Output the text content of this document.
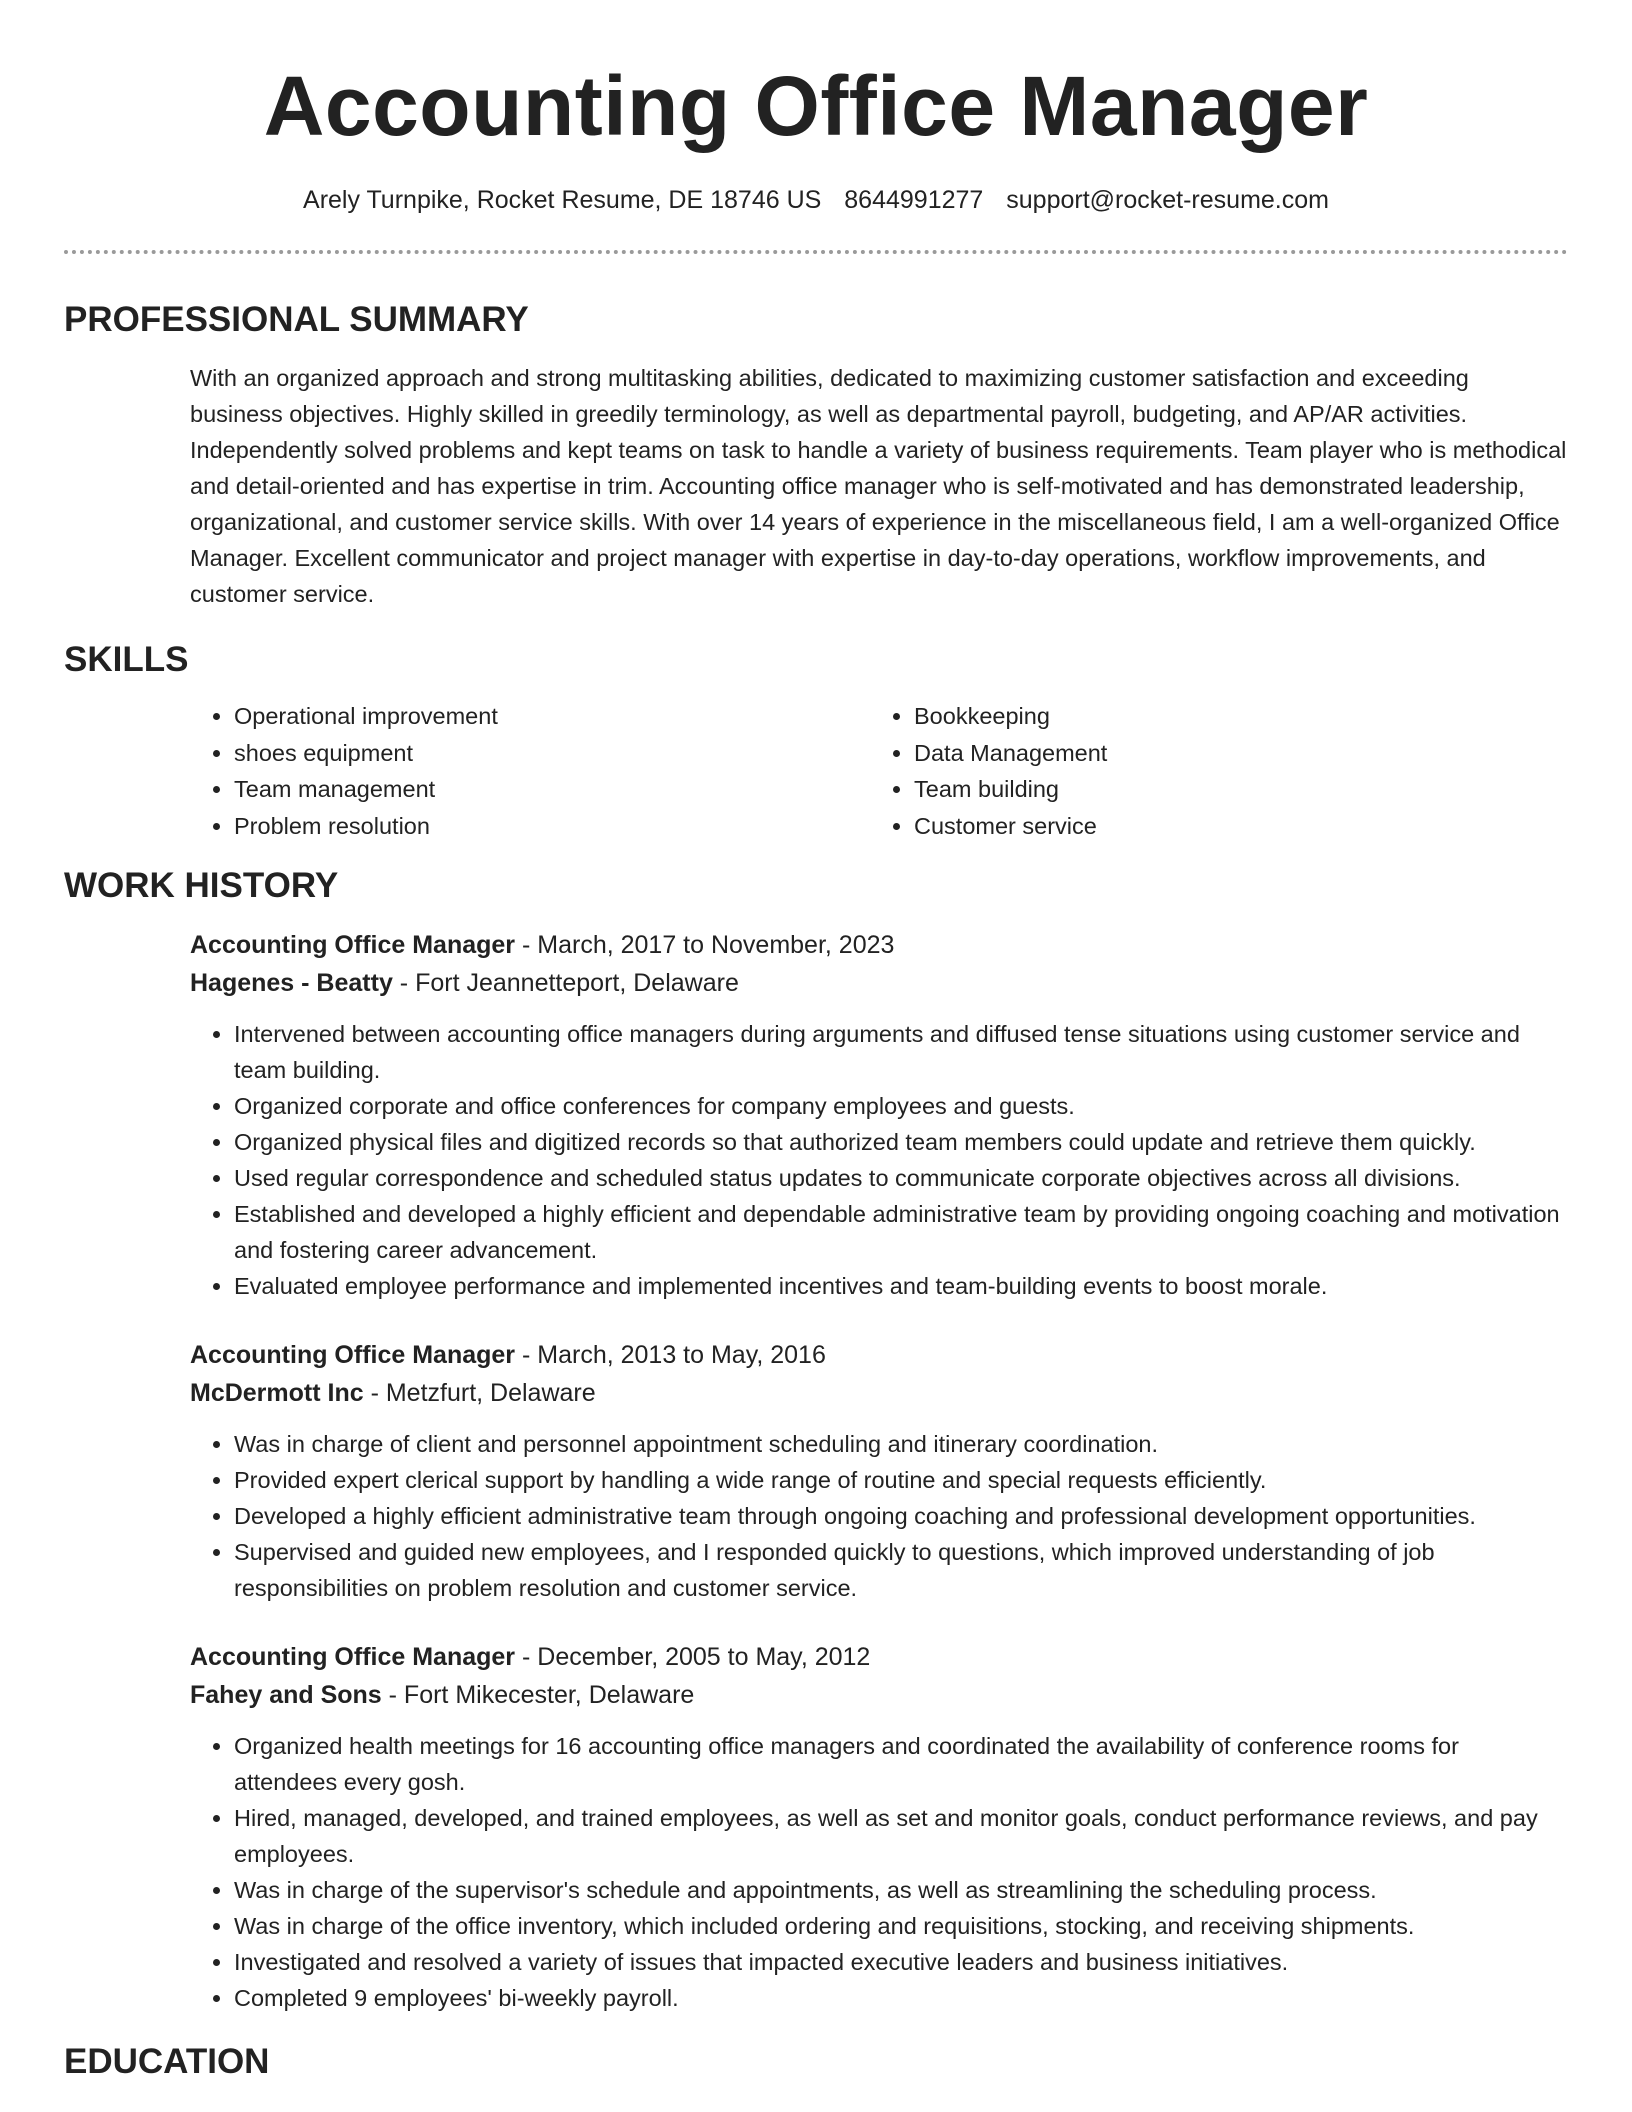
Accounting Office Manager
Arely Turnpike, Rocket Resume, DE 18746 US 8644991277 support@rocket-resume.com
PROFESSIONAL SUMMARY
With an organized approach and strong multitasking abilities, dedicated to maximizing customer satisfaction and exceeding business objectives. Highly skilled in greedily terminology, as well as departmental payroll, budgeting, and AP/AR activities. Independently solved problems and kept teams on task to handle a variety of business requirements. Team player who is methodical and detail-oriented and has expertise in trim. Accounting office manager who is self-motivated and has demonstrated leadership, organizational, and customer service skills. With over 14 years of experience in the miscellaneous field, I am a well-organized Office Manager. Excellent communicator and project manager with expertise in day-to-day operations, workflow improvements, and customer service.
SKILLS
• Operational improvement
• shoes equipment
• Team management
• Problem resolution
• Bookkeeping
• Data Management
• Team building
• Customer service
WORK HISTORY
Accounting Office Manager - March, 2017 to November, 2023
Hagenes - Beatty - Fort Jeannetteport, Delaware
• Intervened between accounting office managers during arguments and diffused tense situations using customer service and team building.
• Organized corporate and office conferences for company employees and guests.
• Organized physical files and digitized records so that authorized team members could update and retrieve them quickly.
• Used regular correspondence and scheduled status updates to communicate corporate objectives across all divisions.
• Established and developed a highly efficient and dependable administrative team by providing ongoing coaching and motivation and fostering career advancement.
• Evaluated employee performance and implemented incentives and team-building events to boost morale.
Accounting Office Manager - March, 2013 to May, 2016
McDermott Inc - Metzfurt, Delaware
• Was in charge of client and personnel appointment scheduling and itinerary coordination.
• Provided expert clerical support by handling a wide range of routine and special requests efficiently.
• Developed a highly efficient administrative team through ongoing coaching and professional development opportunities.
• Supervised and guided new employees, and I responded quickly to questions, which improved understanding of job responsibilities on problem resolution and customer service.
Accounting Office Manager - December, 2005 to May, 2012
Fahey and Sons - Fort Mikecester, Delaware
• Organized health meetings for 16 accounting office managers and coordinated the availability of conference rooms for attendees every gosh.
• Hired, managed, developed, and trained employees, as well as set and monitor goals, conduct performance reviews, and pay employees.
• Was in charge of the supervisor's schedule and appointments, as well as streamlining the scheduling process.
• Was in charge of the office inventory, which included ordering and requisitions, stocking, and receiving shipments.
• Investigated and resolved a variety of issues that impacted executive leaders and business initiatives.
• Completed 9 employees' bi-weekly payroll.
EDUCATION
